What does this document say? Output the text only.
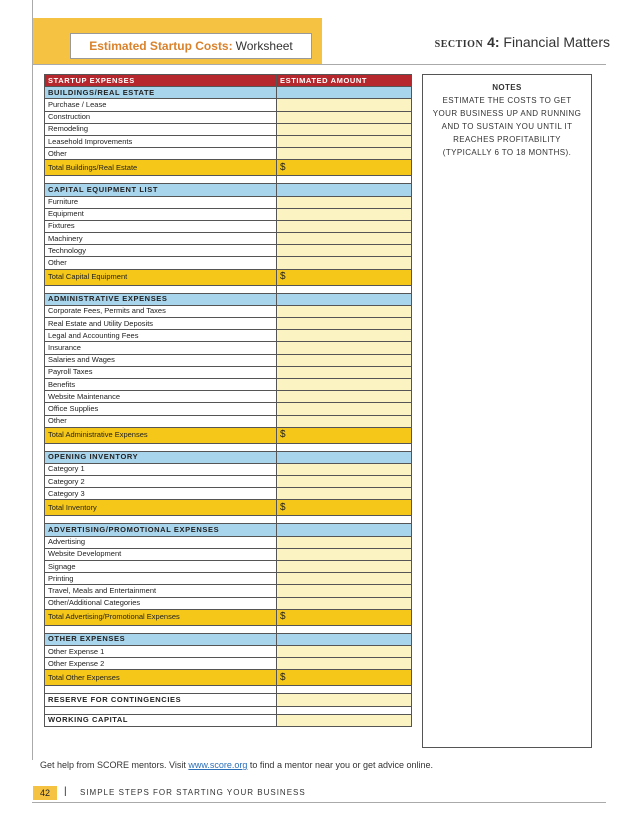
Estimated Startup Costs: Worksheet	SECTION 4: Financial Matters
STARTUP EXPENSES	ESTIMATED AMOUNT
BUILDINGS/REAL ESTATE	
Purchase / Lease	
Construction	
Remodeling	
Leasehold Improvements	
Other	
Total Buildings/Real Estate	$

CAPITAL EQUIPMENT LIST	
Furniture	
Equipment	
Fixtures	
Machinery	
Technology	
Other	
Total Capital Equipment	$

ADMINISTRATIVE EXPENSES	
Corporate Fees, Permits and Taxes	
Real Estate and Utility Deposits	
Legal and Accounting Fees	
Insurance	
Salaries and Wages	
Payroll Taxes	
Benefits	
Website Maintenance	
Office Supplies	
Other	
Total Administrative Expenses	$

OPENING INVENTORY	
Category 1	
Category 2	
Category 3	
Total Inventory	$

ADVERTISING/PROMOTIONAL EXPENSES	
Advertising	
Website Development	
Signage	
Printing	
Travel, Meals and Entertainment	
Other/Additional Categories	
Total Advertising/Promotional Expenses	$

OTHER EXPENSES	
Other Expense 1	
Other Expense 2	
Total Other Expenses	$

RESERVE FOR CONTINGENCIES	

WORKING CAPITAL	
NOTES
ESTIMATE THE COSTS TO GET YOUR BUSINESS UP AND RUNNING AND TO SUSTAIN YOU UNTIL IT REACHES PROFITABILITY (TYPICALLY 6 TO 18 MONTHS).
Get help from SCORE mentors. Visit www.score.org to find a mentor near you or get advice online.
42	| SIMPLE STEPS FOR STARTING YOUR BUSINESS
